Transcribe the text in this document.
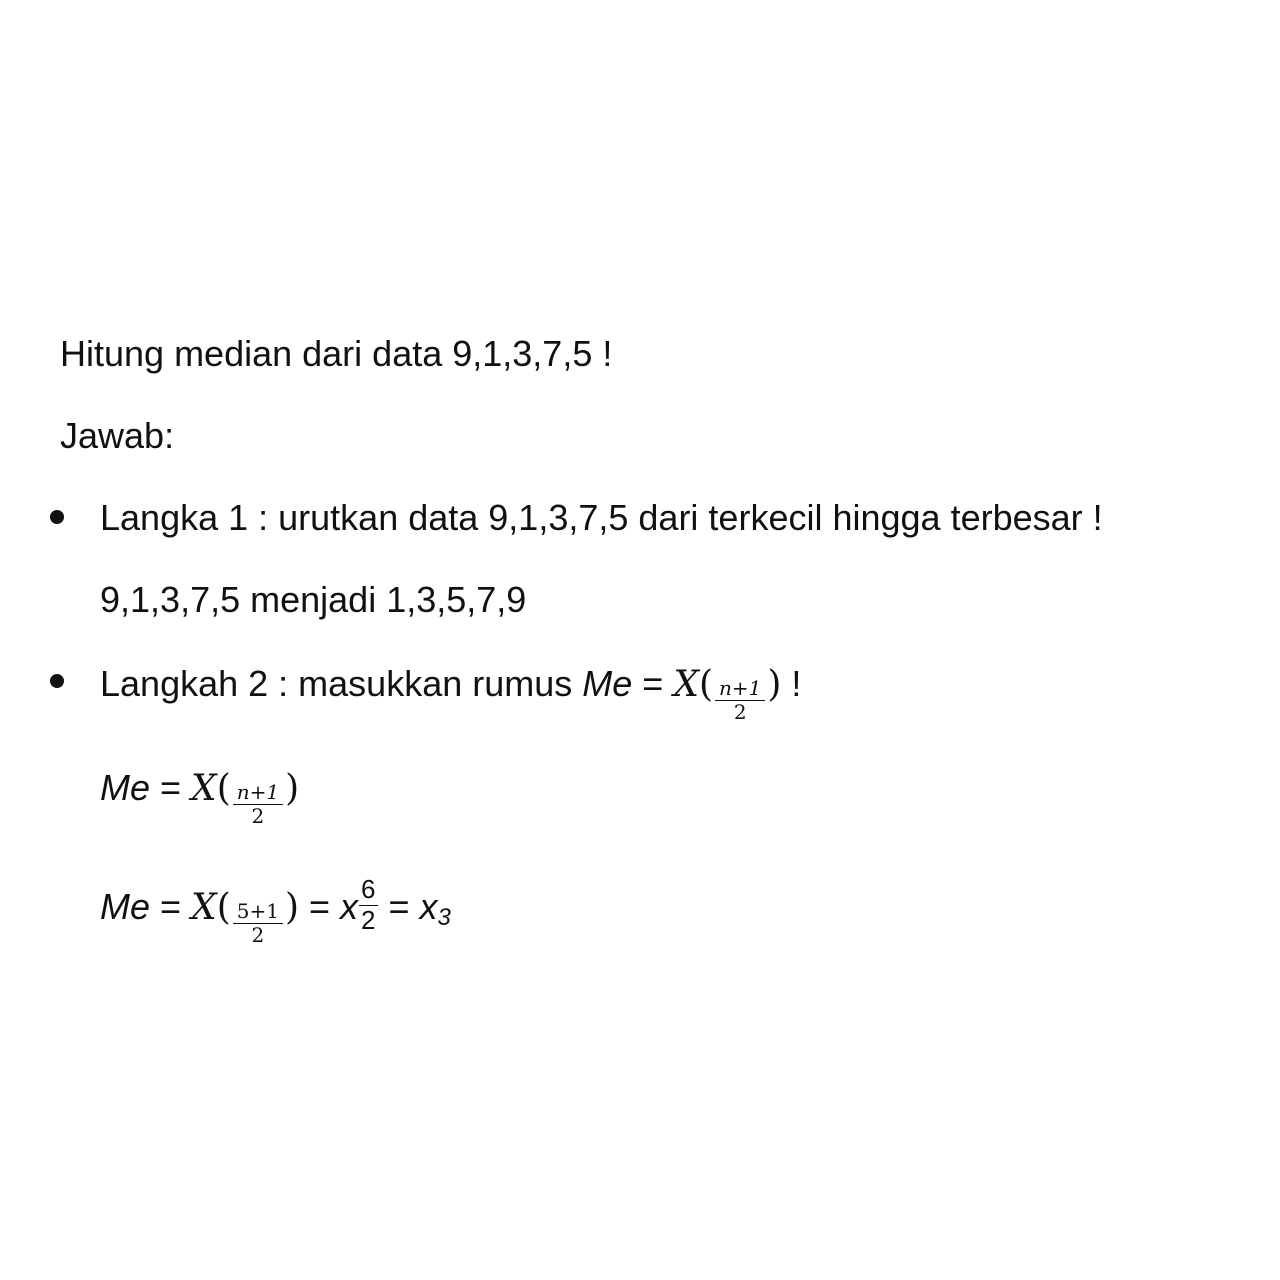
Hitung median dari data 9,1,3,7,5 !
Jawab:
Langka 1 : urutkan data 9,1,3,7,5 dari terkecil hingga terbesar !
9,1,3,7,5 menjadi 1,3,5,7,9
Langkah 2 : masukkan rumus $Me = X( \frac{n+1}{2}$ ) !
$Me = X( \frac{n+1}{2}$ )
$Me = X( \frac{5+1}{2}$ ) = x $\frac{6}{2} = x_3$
